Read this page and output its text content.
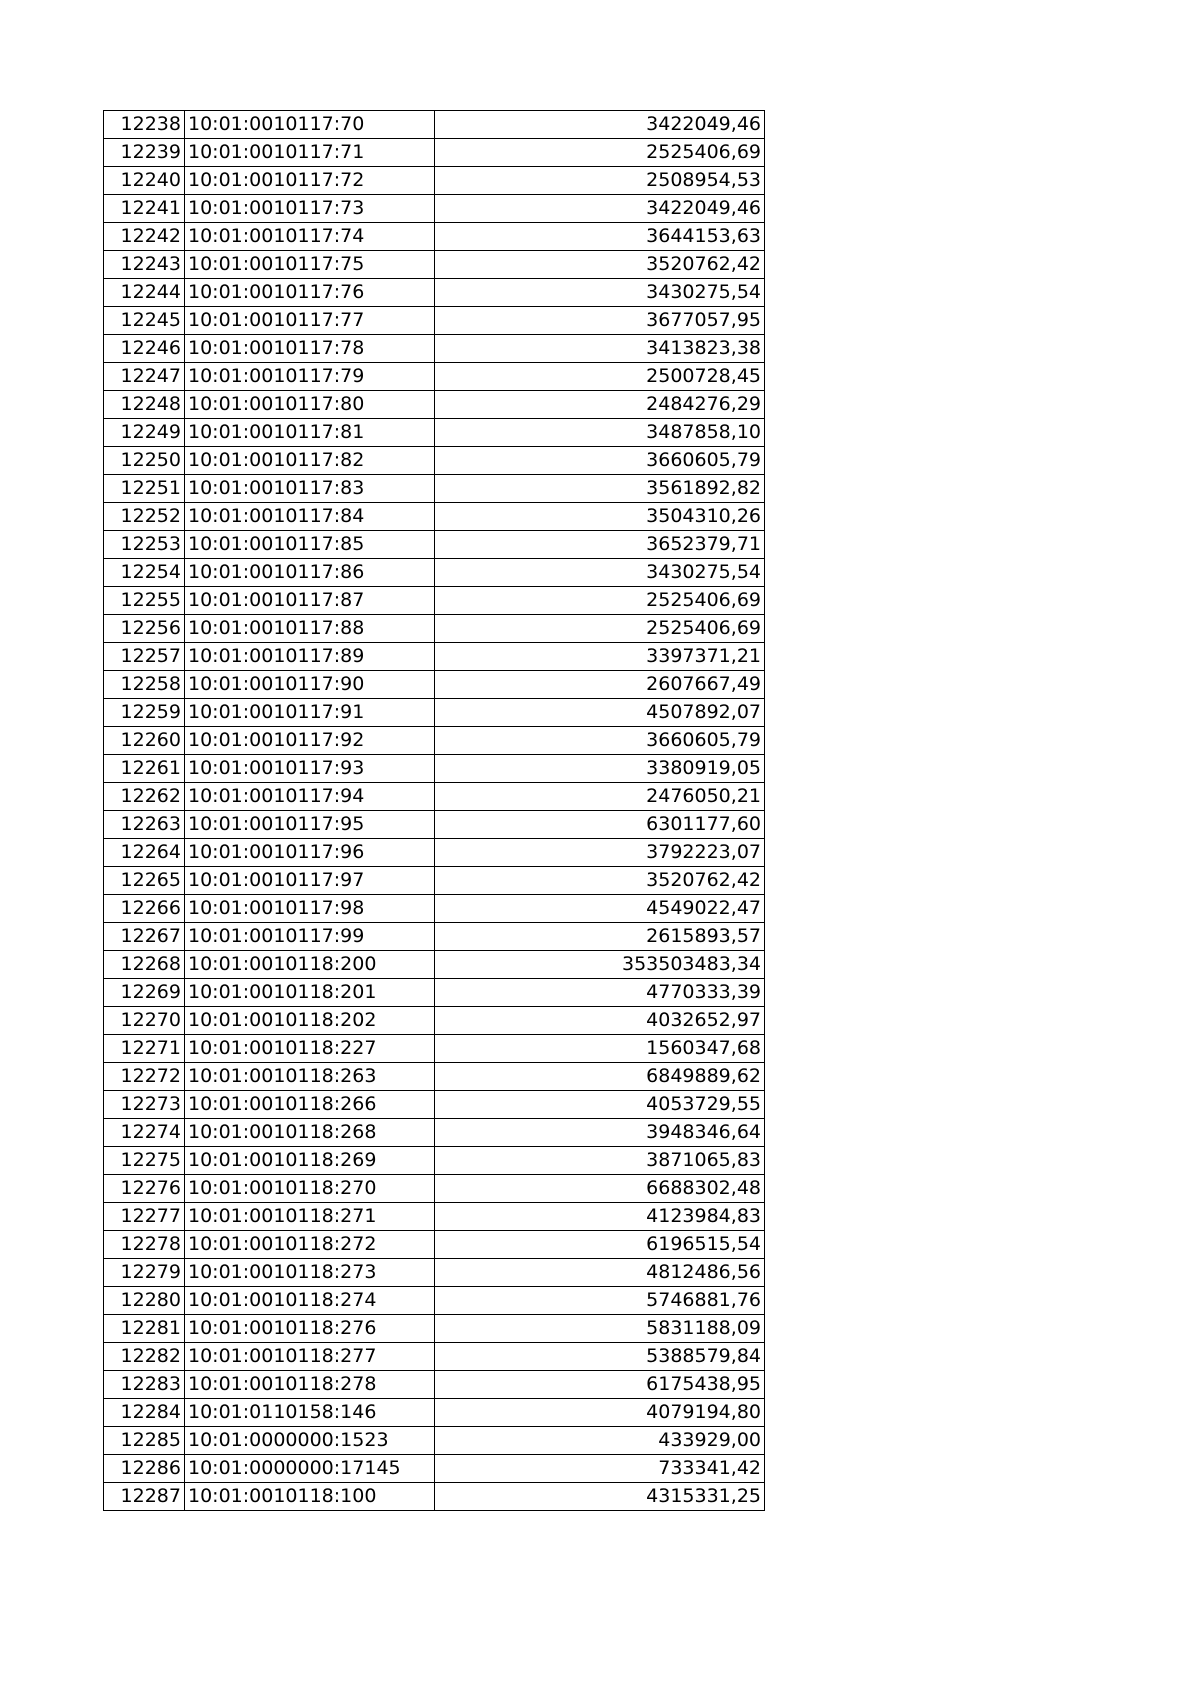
12238	10:01:0010117:70	3422049,46
12239	10:01:0010117:71	2525406,69
12240	10:01:0010117:72	2508954,53
12241	10:01:0010117:73	3422049,46
12242	10:01:0010117:74	3644153,63
12243	10:01:0010117:75	3520762,42
12244	10:01:0010117:76	3430275,54
12245	10:01:0010117:77	3677057,95
12246	10:01:0010117:78	3413823,38
12247	10:01:0010117:79	2500728,45
12248	10:01:0010117:80	2484276,29
12249	10:01:0010117:81	3487858,10
12250	10:01:0010117:82	3660605,79
12251	10:01:0010117:83	3561892,82
12252	10:01:0010117:84	3504310,26
12253	10:01:0010117:85	3652379,71
12254	10:01:0010117:86	3430275,54
12255	10:01:0010117:87	2525406,69
12256	10:01:0010117:88	2525406,69
12257	10:01:0010117:89	3397371,21
12258	10:01:0010117:90	2607667,49
12259	10:01:0010117:91	4507892,07
12260	10:01:0010117:92	3660605,79
12261	10:01:0010117:93	3380919,05
12262	10:01:0010117:94	2476050,21
12263	10:01:0010117:95	6301177,60
12264	10:01:0010117:96	3792223,07
12265	10:01:0010117:97	3520762,42
12266	10:01:0010117:98	4549022,47
12267	10:01:0010117:99	2615893,57
12268	10:01:0010118:200	353503483,34
12269	10:01:0010118:201	4770333,39
12270	10:01:0010118:202	4032652,97
12271	10:01:0010118:227	1560347,68
12272	10:01:0010118:263	6849889,62
12273	10:01:0010118:266	4053729,55
12274	10:01:0010118:268	3948346,64
12275	10:01:0010118:269	3871065,83
12276	10:01:0010118:270	6688302,48
12277	10:01:0010118:271	4123984,83
12278	10:01:0010118:272	6196515,54
12279	10:01:0010118:273	4812486,56
12280	10:01:0010118:274	5746881,76
12281	10:01:0010118:276	5831188,09
12282	10:01:0010118:277	5388579,84
12283	10:01:0010118:278	6175438,95
12284	10:01:0110158:146	4079194,80
12285	10:01:0000000:1523	433929,00
12286	10:01:0000000:17145	733341,42
12287	10:01:0010118:100	4315331,25
